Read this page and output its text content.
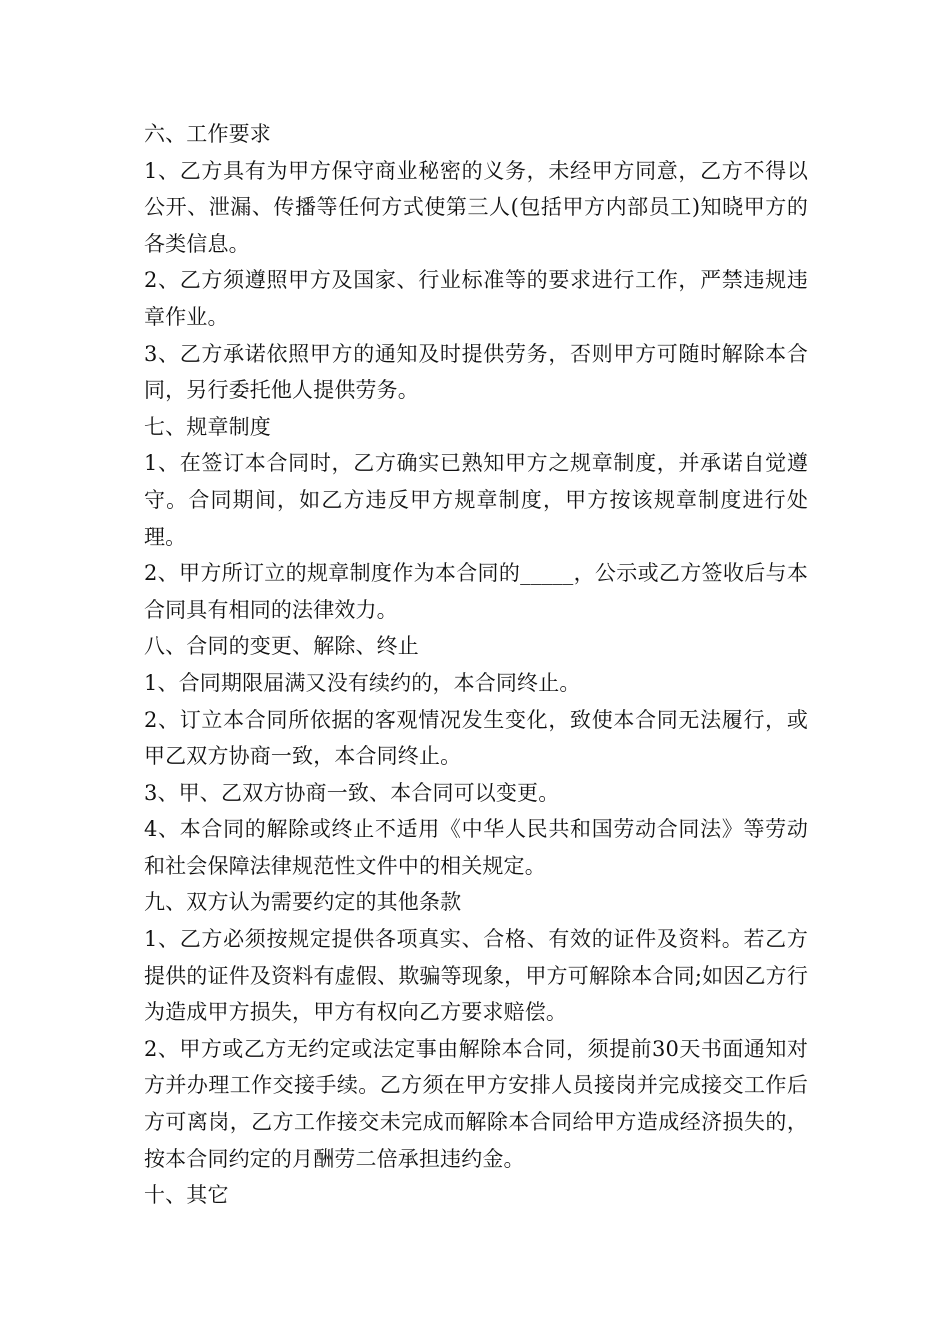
六、工作要求

1、乙方具有为甲方保守商业秘密的义务，未经甲方同意，乙方不得以公开、泄漏、传播等任何方式使第三人(包括甲方内部员工)知晓甲方的各类信息。

2、乙方须遵照甲方及国家、行业标准等的要求进行工作，严禁违规违章作业。

3、乙方承诺依照甲方的通知及时提供劳务，否则甲方可随时解除本合同，另行委托他人提供劳务。

七、规章制度

1、在签订本合同时，乙方确实已熟知甲方之规章制度，并承诺自觉遵守。合同期间，如乙方违反甲方规章制度，甲方按该规章制度进行处理。

2、甲方所订立的规章制度作为本合同的_____，公示或乙方签收后与本合同具有相同的法律效力。

八、合同的变更、解除、终止

1、合同期限届满又没有续约的，本合同终止。

2、订立本合同所依据的客观情况发生变化，致使本合同无法履行，或甲乙双方协商一致，本合同终止。

3、甲、乙双方协商一致、本合同可以变更。

4、本合同的解除或终止不适用《中华人民共和国劳动合同法》等劳动和社会保障法律规范性文件中的相关规定。

九、双方认为需要约定的其他条款

1、乙方必须按规定提供各项真实、合格、有效的证件及资料。若乙方提供的证件及资料有虚假、欺骗等现象，甲方可解除本合同;如因乙方行为造成甲方损失，甲方有权向乙方要求赔偿。

2、甲方或乙方无约定或法定事由解除本合同，须提前30天书面通知对方并办理工作交接手续。乙方须在甲方安排人员接岗并完成接交工作后方可离岗，乙方工作接交未完成而解除本合同给甲方造成经济损失的，按本合同约定的月酬劳二倍承担违约金。

十、其它
